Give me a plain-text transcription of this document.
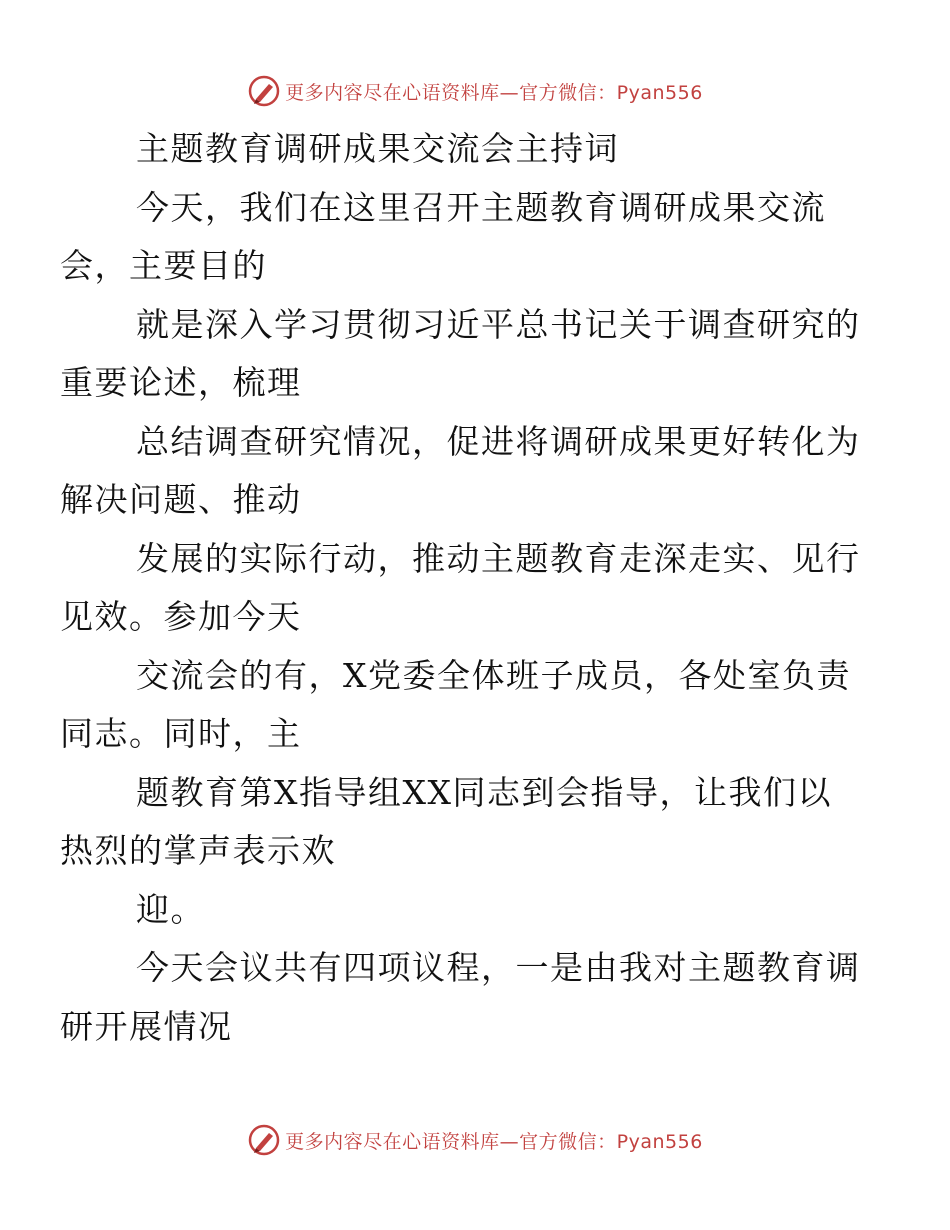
更多内容尽在心语资料库—官方微信：Pyan556

主题教育调研成果交流会主持词

今天，我们在这里召开主题教育调研成果交流
会，主要目的

就是深入学习贯彻习近平总书记关于调查研究的
重要论述，梳理

总结调查研究情况，促进将调研成果更好转化为
解决问题、推动

发展的实际行动，推动主题教育走深走实、见行
见效。参加今天

交流会的有，X党委全体班子成员，各处室负责
同志。同时，主

题教育第X指导组XX同志到会指导，让我们以
热烈的掌声表示欢

迎。

今天会议共有四项议程，一是由我对主题教育调
研开展情况

更多内容尽在心语资料库—官方微信：Pyan556
